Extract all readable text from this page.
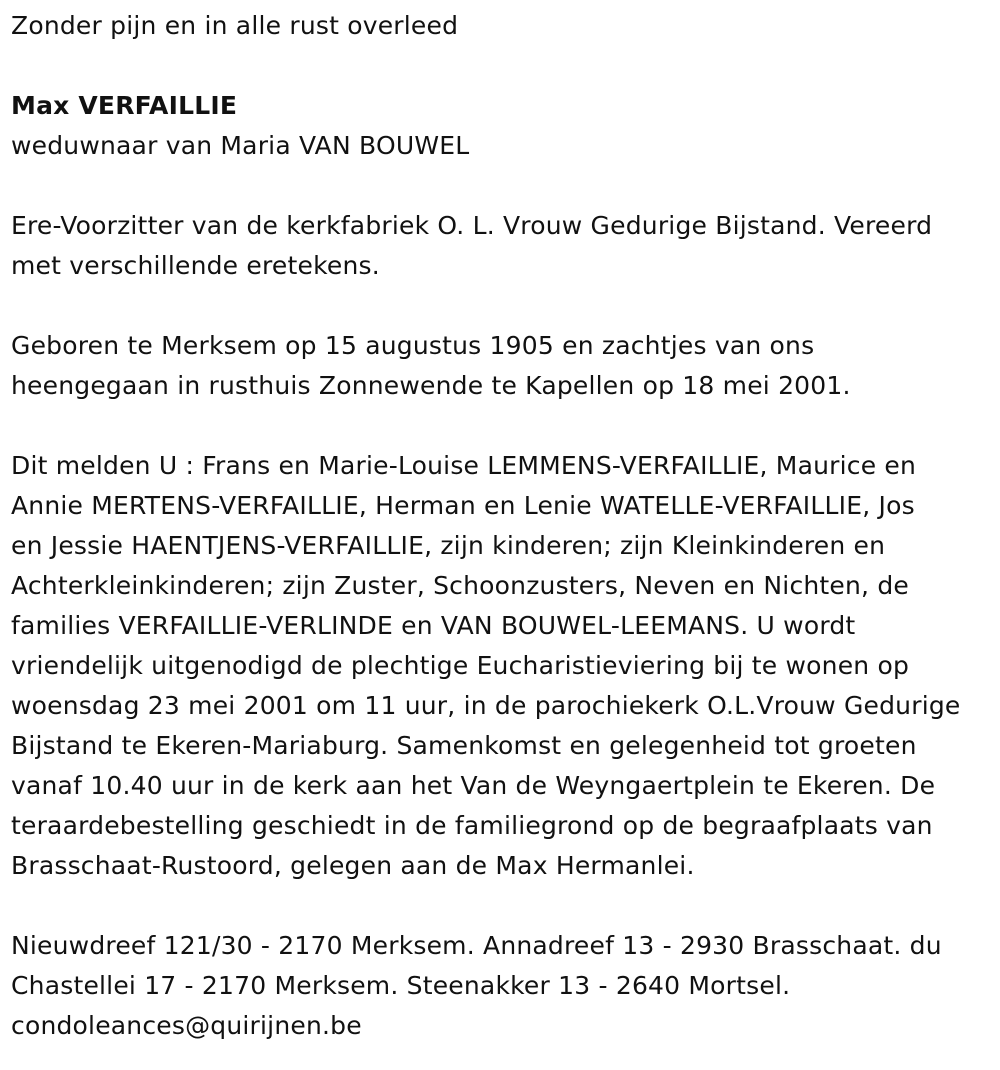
Zonder pijn en in alle rust overleed
Max VERFAILLIE
weduwnaar van Maria VAN BOUWEL
Ere-Voorzitter van de kerkfabriek O. L. Vrouw Gedurige Bijstand. Vereerd
met verschillende eretekens.
Geboren te Merksem op 15 augustus 1905 en zachtjes van ons
heengegaan in rusthuis Zonnewende te Kapellen op 18 mei 2001.
Dit melden U : Frans en Marie-Louise LEMMENS-VERFAILLIE, Maurice en
Annie MERTENS-VERFAILLIE, Herman en Lenie WATELLE-VERFAILLIE, Jos
en Jessie HAENTJENS-VERFAILLIE, zijn kinderen; zijn Kleinkinderen en
Achterkleinkinderen; zijn Zuster, Schoonzusters, Neven en Nichten, de
families VERFAILLIE-VERLINDE en VAN BOUWEL-LEEMANS. U wordt
vriendelijk uitgenodigd de plechtige Eucharistieviering bij te wonen op
woensdag 23 mei 2001 om 11 uur, in de parochiekerk O.L.Vrouw Gedurige
Bijstand te Ekeren-Mariaburg. Samenkomst en gelegenheid tot groeten
vanaf 10.40 uur in de kerk aan het Van de Weyngaertplein te Ekeren. De
teraardebestelling geschiedt in de familiegrond op de begraafplaats van
Brasschaat-Rustoord, gelegen aan de Max Hermanlei.
Nieuwdreef 121/30 - 2170 Merksem. Annadreef 13 - 2930 Brasschaat. du
Chastellei 17 - 2170 Merksem. Steenakker 13 - 2640 Mortsel.
condoleances@quirijnen.be
